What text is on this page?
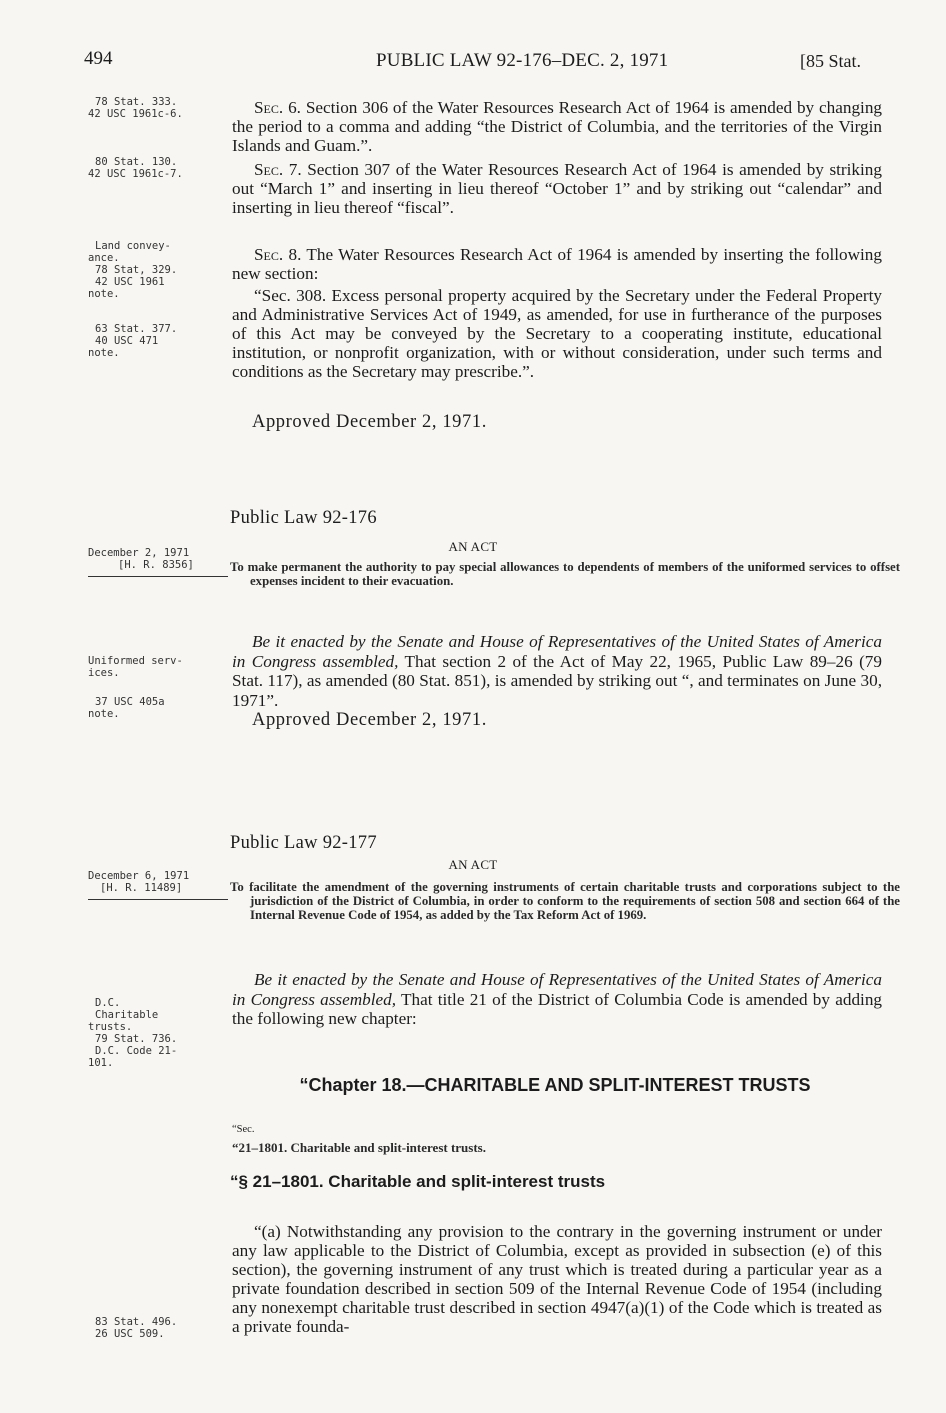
494	PUBLIC LAW 92-176–DEC. 2, 1971	[85 Stat.
78 Stat. 333.
42 USC 1961c-6.
80 Stat. 130.
42 USC 1961c-7.
Land convey-
ance.
78 Stat, 329.
42 USC 1961
note.
63 Stat. 377.
40 USC 471
note.
December 2, 1971
[H. R. 8356]
Uniformed serv-
ices.
37 USC 405a
note.
December 6, 1971
[H. R. 11489]
D.C.
Charitable
trusts.
79 Stat. 736.
D.C. Code 21-
101.
83 Stat. 496.
26 USC 509.

Sec. 6. Section 306 of the Water Resources Research Act of 1964 is amended by changing the period to a comma and adding “the District of Columbia, and the territories of the Virgin Islands and Guam.”.

Sec. 7. Section 307 of the Water Resources Research Act of 1964 is amended by striking out “March 1” and inserting in lieu thereof “October 1” and by striking out “calendar” and inserting in lieu thereof “fiscal”.

Sec. 8. The Water Resources Research Act of 1964 is amended by inserting the following new section:

“Sec. 308. Excess personal property acquired by the Secretary under the Federal Property and Administrative Services Act of 1949, as amended, for use in furtherance of the purposes of this Act may be conveyed by the Secretary to a cooperating institute, educational institution, or nonprofit organization, with or without consideration, under such terms and conditions as the Secretary may prescribe.”.

Approved December 2, 1971.
Public Law 92-176
AN ACT
To make permanent the authority to pay special allowances to dependents of members of the uniformed services to offset expenses incident to their evacuation.
Be it enacted by the Senate and House of Representatives of the United States of America in Congress assembled, That section 2 of the Act of May 22, 1965, Public Law 89–26 (79 Stat. 117), as amended (80 Stat. 851), is amended by striking out “, and terminates on June 30, 1971”.
Approved December 2, 1971.
Public Law 92-177
AN ACT
To facilitate the amendment of the governing instruments of certain charitable trusts and corporations subject to the jurisdiction of the District of Columbia, in order to conform to the requirements of section 508 and section 664 of the Internal Revenue Code of 1954, as added by the Tax Reform Act of 1969.
Be it enacted by the Senate and House of Representatives of the United States of America in Congress assembled, That title 21 of the District of Columbia Code is amended by adding the following new chapter:
“Chapter 18.—CHARITABLE AND SPLIT-INTEREST TRUSTS
“Sec.
“21–1801. Charitable and split-interest trusts.
“§ 21–1801. Charitable and split-interest trusts

“(a) Notwithstanding any provision to the contrary in the governing instrument or under any law applicable to the District of Columbia, except as provided in subsection (e) of this section), the governing instrument of any trust which is treated during a particular year as a private foundation described in section 509 of the Internal Revenue Code of 1954 (including any nonexempt charitable trust described in section 4947(a)(1) of the Code which is treated as a private founda-
